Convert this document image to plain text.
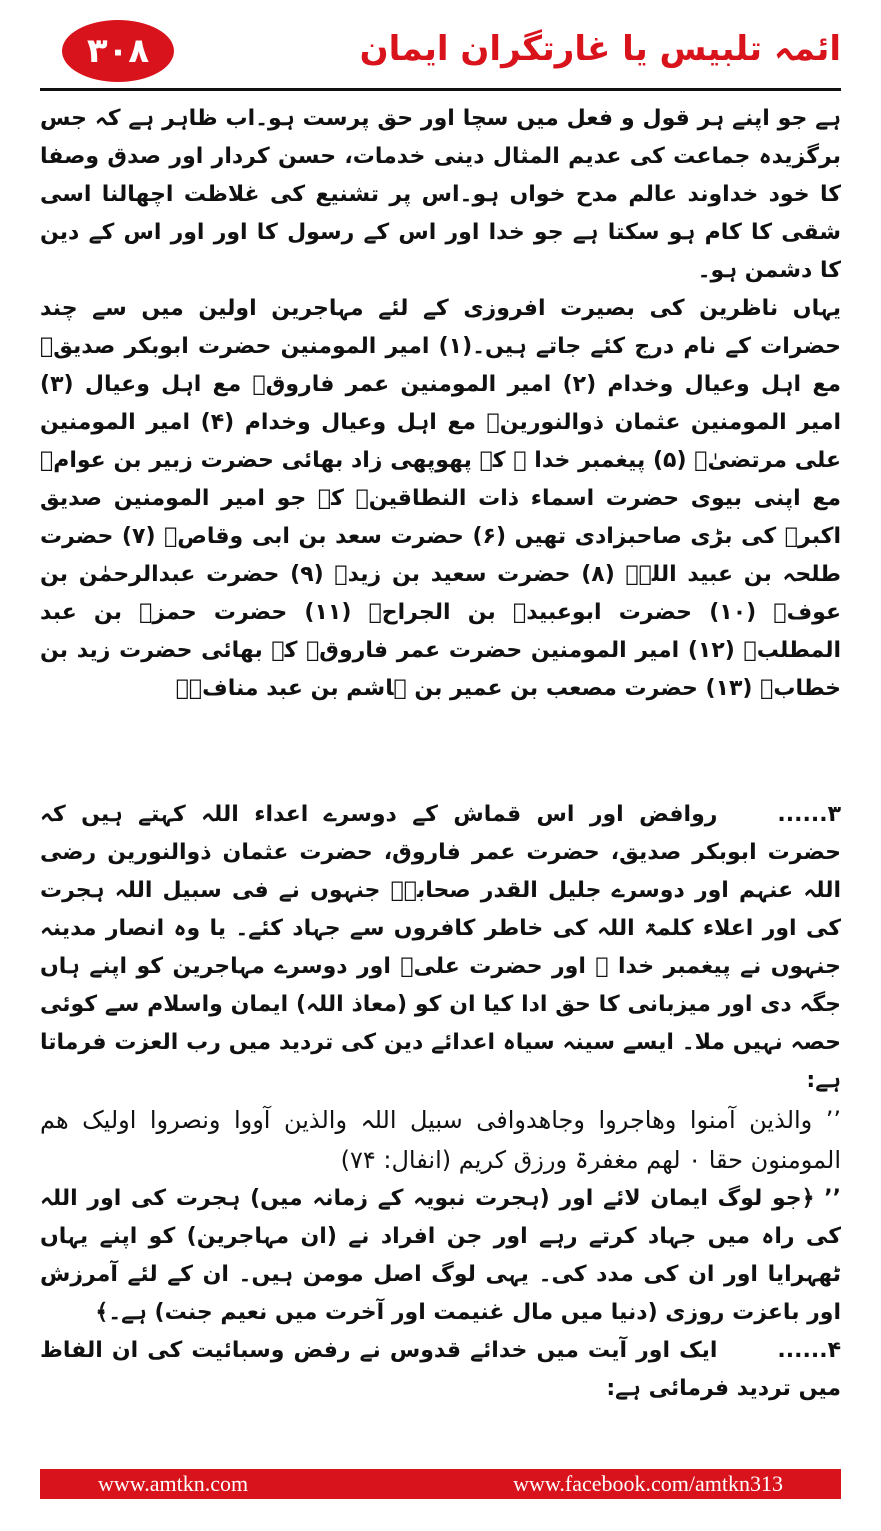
۳۰۸	ائمہ تلبیس یا غارتگران ایمان

ہے جو اپنے ہر قول و فعل میں سچا اور حق پرست ہو۔اب ظاہر ہے کہ جس برگزیدہ جماعت کی عدیم المثال دینی خدمات، حسن کردار اور صدق وصفا کا خود خداوند عالم مدح خواں ہو۔اس پر تشنیع کی غلاظت اچھالنا اسی شقی کا کام ہو سکتا ہے جو خدا اور اس کے رسول کا اور اور اس کے دین کا دشمن ہو۔

یہاں ناظرین کی بصیرت افروزی کے لئے مہاجرین اولین میں سے چند حضرات کے نام درج کئے جاتے ہیں۔(۱) امیر المومنین حضرت ابوبکر صدیقؓ مع اہل وعیال وخدام (۲) امیر المومنین عمر فاروقؓ مع اہل وعیال (۳) امیر المومنین عثمان ذوالنورینؓ مع اہل وعیال وخدام (۴) امیر المومنین علی مرتضیٰؓ (۵) پیغمبر خدا ﷺ کے پھوپھی زاد بھائی حضرت زبیر بن عوامؓ مع اپنی بیوی حضرت اسماء ذات النطاقینؓ کے جو امیر المومنین صدیق اکبرؓ کی بڑی صاحبزادی تھیں (۶) حضرت سعد بن ابی وقاصؓ (۷) حضرت طلحہ بن عبید اللہؓ (۸) حضرت سعید بن زیدؓ (۹) حضرت عبدالرحمٰن بن عوفؓ (۱۰) حضرت ابوعبیدہ بن الجراحؓ (۱۱) حضرت حمزہ بن عبد المطلبؓ (۱۲) امیر المومنین حضرت عمر فاروقؓ کے بھائی حضرت زید بن خطابؓ (۱۳) حضرت مصعب بن عمیر بن ہاشم بن عبد منافؓ۔

۳......روافض اور اس قماش کے دوسرے اعداء اللہ کہتے ہیں کہ حضرت ابوبکر صدیق، حضرت عمر فاروق، حضرت عثمان ذوالنورین رضی اللہ عنہم اور دوسرے جلیل القدر صحابہؓ جنہوں نے فی سبیل اللہ ہجرت کی اور اعلاء کلمۃ اللہ کی خاطر کافروں سے جہاد کئے۔ یا وہ انصار مدینہ جنہوں نے پیغمبر خدا ﷺ اور حضرت علیؓ اور دوسرے مہاجرین کو اپنے ہاں جگہ دی اور میزبانی کا حق ادا کیا ان کو (معاذ اللہ) ایمان واسلام سے کوئی حصہ نہیں ملا۔ ایسے سینہ سیاہ اعدائے دین کی تردید میں رب العزت فرماتا ہے:

’’ والذین آمنوا وھاجروا وجاھدوافی سبیل اللہ والذین آووا ونصروا اولیک ھم المومنون حقا ۰ لھم مغفرۃ ورزق کریم (انفال: ۷۴)

’’ ﴿جو لوگ ایمان لائے اور (ہجرت نبویہ کے زمانہ میں) ہجرت کی اور اللہ کی راہ میں جہاد کرتے رہے اور جن افراد نے (ان مہاجرین) کو اپنے یہاں ٹھہرایا اور ان کی مدد کی۔ یہی لوگ اصل مومن ہیں۔ ان کے لئے آمرزش اور باعزت روزی (دنیا میں مال غنیمت اور آخرت میں نعیم جنت) ہے۔﴾

۴......ایک اور آیت میں خدائے قدوس نے رفض وسبائیت کی ان الفاظ میں تردید فرمائی ہے:

www.amtkn.com	www.facebook.com/amtkn313
